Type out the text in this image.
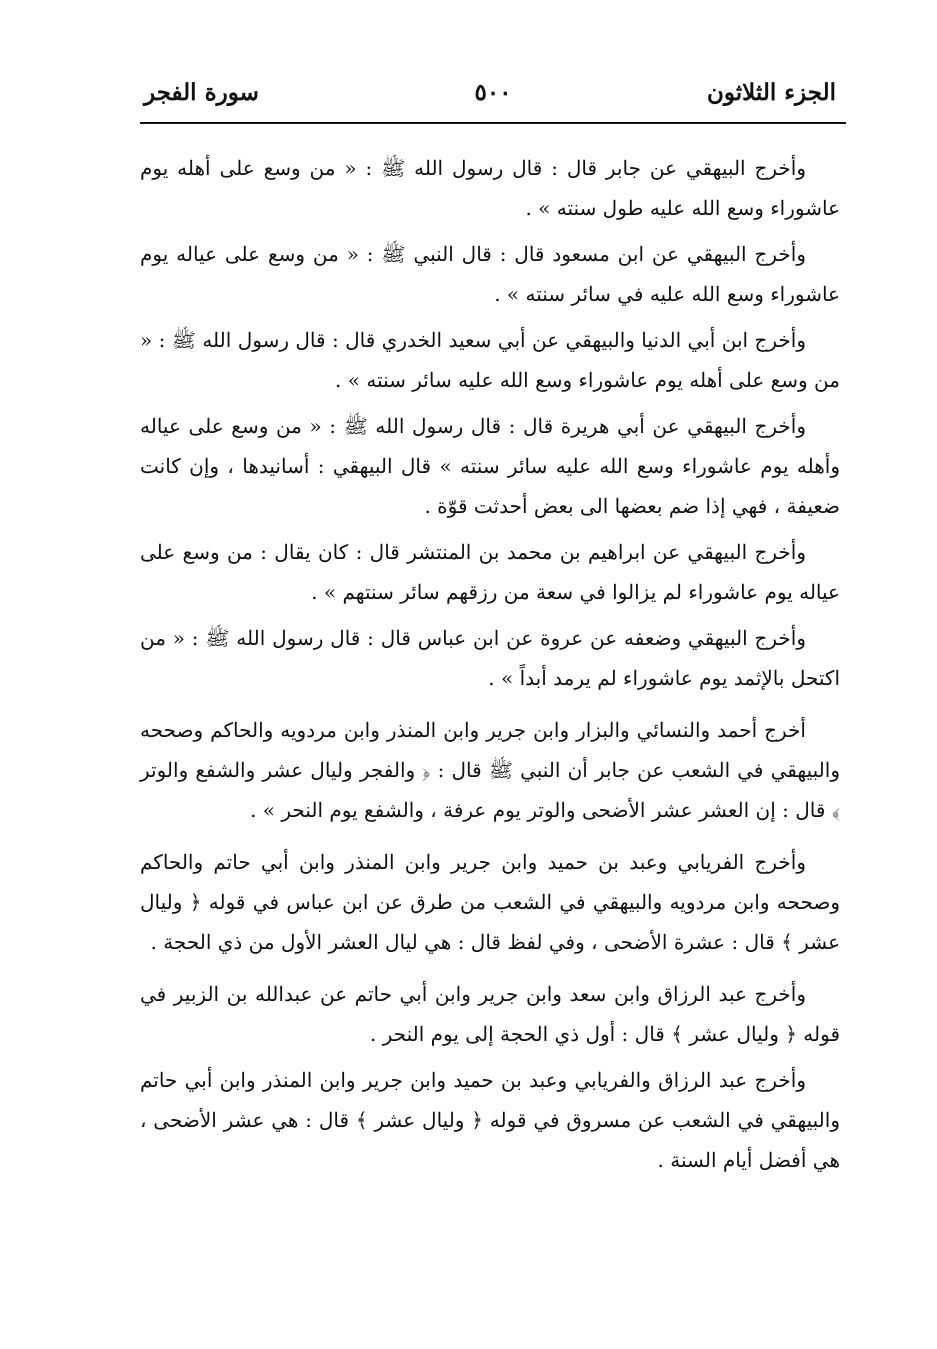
الجزء الثلاثون
٥٠٠
سورة الفجر

وأخرج البيهقي عن جابر قال : قال رسول الله ﷺ : « من وسع على أهله يوم عاشوراء وسع الله عليه طول سنته » .

وأخرج البيهقي عن ابن مسعود قال : قال النبي ﷺ : « من وسع على عياله يوم عاشوراء وسع الله عليه في سائر سنته » .

وأخرج ابن أبي الدنيا والبيهقي عن أبي سعيد الخدري قال : قال رسول الله ﷺ : « من وسع على أهله يوم عاشوراء وسع الله عليه سائر سنته » .

وأخرج البيهقي عن أبي هريرة قال : قال رسول الله ﷺ : « من وسع على عياله وأهله يوم عاشوراء وسع الله عليه سائر سنته » قال البيهقي : أسانيدها ، وإن كانت ضعيفة ، فهي إذا ضم بعضها الى بعض أحدثت قوّة .

وأخرج البيهقي عن ابراهيم بن محمد بن المنتشر قال : كان يقال : من وسع على عياله يوم عاشوراء لم يزالوا في سعة من رزقهم سائر سنتهم » .

وأخرج البيهقي وضعفه عن عروة عن ابن عباس قال : قال رسول الله ﷺ : « من اكتحل بالإثمد يوم عاشوراء لم يرمد أبداً » .

أخرج أحمد والنسائي والبزار وابن جرير وابن المنذر وابن مردويه والحاكم وصححه والبيهقي في الشعب عن جابر أن النبي ﷺ قال : ﴿ والفجر وليال عشر والشفع والوتر ﴾ قال : إن العشر عشر الأضحى والوتر يوم عرفة ، والشفع يوم النحر » .

وأخرج الفريابي وعبد بن حميد وابن جرير وابن المنذر وابن أبي حاتم والحاكم وصححه وابن مردويه والبيهقي في الشعب من طرق عن ابن عباس في قوله ﴿ وليال عشر ﴾ قال : عشرة الأضحى ، وفي لفظ قال : هي ليال العشر الأول من ذي الحجة .

وأخرج عبد الرزاق وابن سعد وابن جرير وابن أبي حاتم عن عبدالله بن الزبير في قوله ﴿ وليال عشر ﴾ قال : أول ذي الحجة إلى يوم النحر .

وأخرج عبد الرزاق والفريابي وعبد بن حميد وابن جرير وابن المنذر وابن أبي حاتم والبيهقي في الشعب عن مسروق في قوله ﴿ وليال عشر ﴾ قال : هي عشر الأضحى ، هي أفضل أيام السنة .
